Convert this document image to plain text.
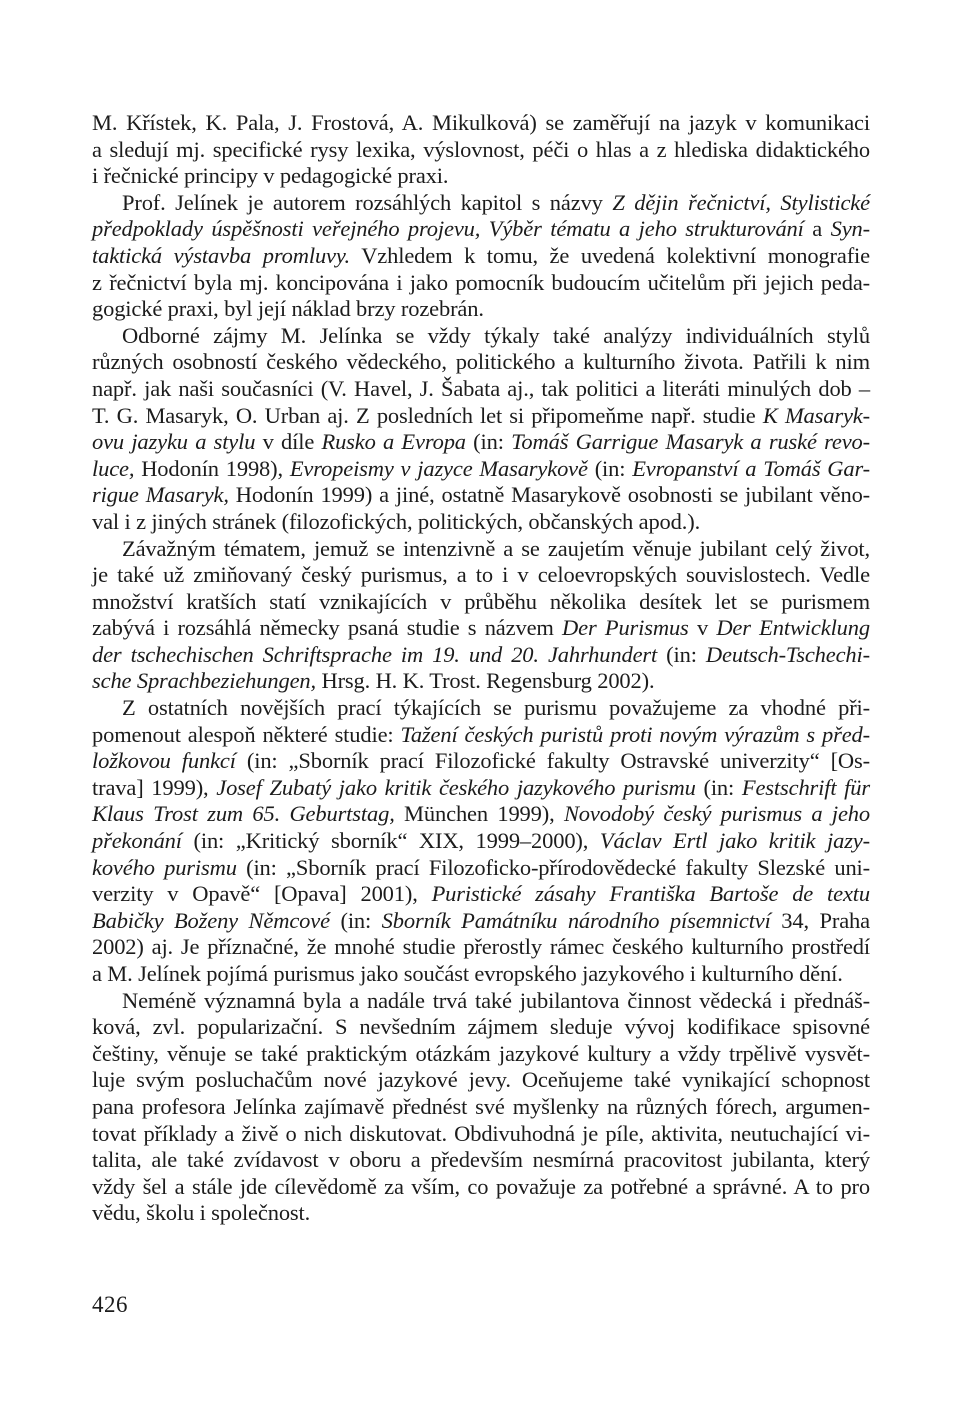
M. Křístek, K. Pala, J. Frostová, A. Mikulková) se zaměřují na jazyk v komunikaci
a sledují mj. specifické rysy lexika, výslovnost, péči o hlas a z hlediska didaktického
i řečnické principy v pedagogické praxi.
Prof. Jelínek je autorem rozsáhlých kapitol s názvy Z dějin řečnictví, Stylistické
předpoklady úspěšnosti veřejného projevu, Výběr tématu a jeho strukturování a Syn-
taktická výstavba promluvy. Vzhledem k tomu, že uvedená kolektivní monografie
z řečnictví byla mj. koncipována i jako pomocník budoucím učitelům při jejich peda-
gogické praxi, byl její náklad brzy rozebrán.
Odborné zájmy M. Jelínka se vždy týkaly také analýzy individuálních stylů
různých osobností českého vědeckého, politického a kulturního života. Patřili k nim
např. jak naši současníci (V. Havel, J. Šabata aj., tak politici a literáti minulých dob –
T. G. Masaryk, O. Urban aj. Z posledních let si připomeňme např. studie K Masaryk-
ovu jazyku a stylu v díle Rusko a Evropa (in: Tomáš Garrigue Masaryk a ruské revo-
luce, Hodonín 1998), Evropeismy v jazyce Masarykově (in: Evropanství a Tomáš Gar-
rigue Masaryk, Hodonín 1999) a jiné, ostatně Masarykově osobnosti se jubilant věno-
val i z jiných stránek (filozofických, politických, občanských apod.).
Závažným tématem, jemuž se intenzivně a se zaujetím věnuje jubilant celý život,
je také už zmiňovaný český purismus, a to i v celoevropských souvislostech. Vedle
množství kratších statí vznikajících v průběhu několika desítek let se purismem
zabývá i rozsáhlá německy psaná studie s názvem Der Purismus v Der Entwicklung
der tschechischen Schriftsprache im 19. und 20. Jahrhundert (in: Deutsch-Tschechi-
sche Sprachbeziehungen, Hrsg. H. K. Trost. Regensburg 2002).
Z ostatních novějších prací týkajících se purismu považujeme za vhodné při-
pomenout alespoň některé studie: Tažení českých puristů proti novým výrazům s před-
ložkovou funkcí (in: „Sborník prací Filozofické fakulty Ostravské univerzity“ [Os-
trava] 1999), Josef Zubatý jako kritik českého jazykového purismu (in: Festschrift für
Klaus Trost zum 65. Geburtstag, München 1999), Novodobý český purismus a jeho
překonání (in: „Kritický sborník“ XIX, 1999–2000), Václav Ertl jako kritik jazy-
kového purismu (in: „Sborník prací Filozoficko-přírodovědecké fakulty Slezské uni-
verzity v Opavě“ [Opava] 2001), Puristické zásahy Františka Bartoše de textu
Babičky Boženy Němcové (in: Sborník Památníku národního písemnictví 34, Praha
2002) aj. Je příznačné, že mnohé studie přerostly rámec českého kulturního prostředí
a M. Jelínek pojímá purismus jako součást evropského jazykového i kulturního dění.
Neméně významná byla a nadále trvá také jubilantova činnost vědecká i přednáš-
ková, zvl. popularizační. S nevšedním zájmem sleduje vývoj kodifikace spisovné
češtiny, věnuje se také praktickým otázkám jazykové kultury a vždy trpělivě vysvět-
luje svým posluchačům nové jazykové jevy. Oceňujeme také vynikající schopnost
pana profesora Jelínka zajímavě přednést své myšlenky na různých fórech, argumen-
tovat příklady a živě o nich diskutovat. Obdivuhodná je píle, aktivita, neutuchající vi-
talita, ale také zvídavost v oboru a především nesmírná pracovitost jubilanta, který
vždy šel a stále jde cílevědomě za vším, co považuje za potřebné a správné. A to pro
vědu, školu i společnost.
426
